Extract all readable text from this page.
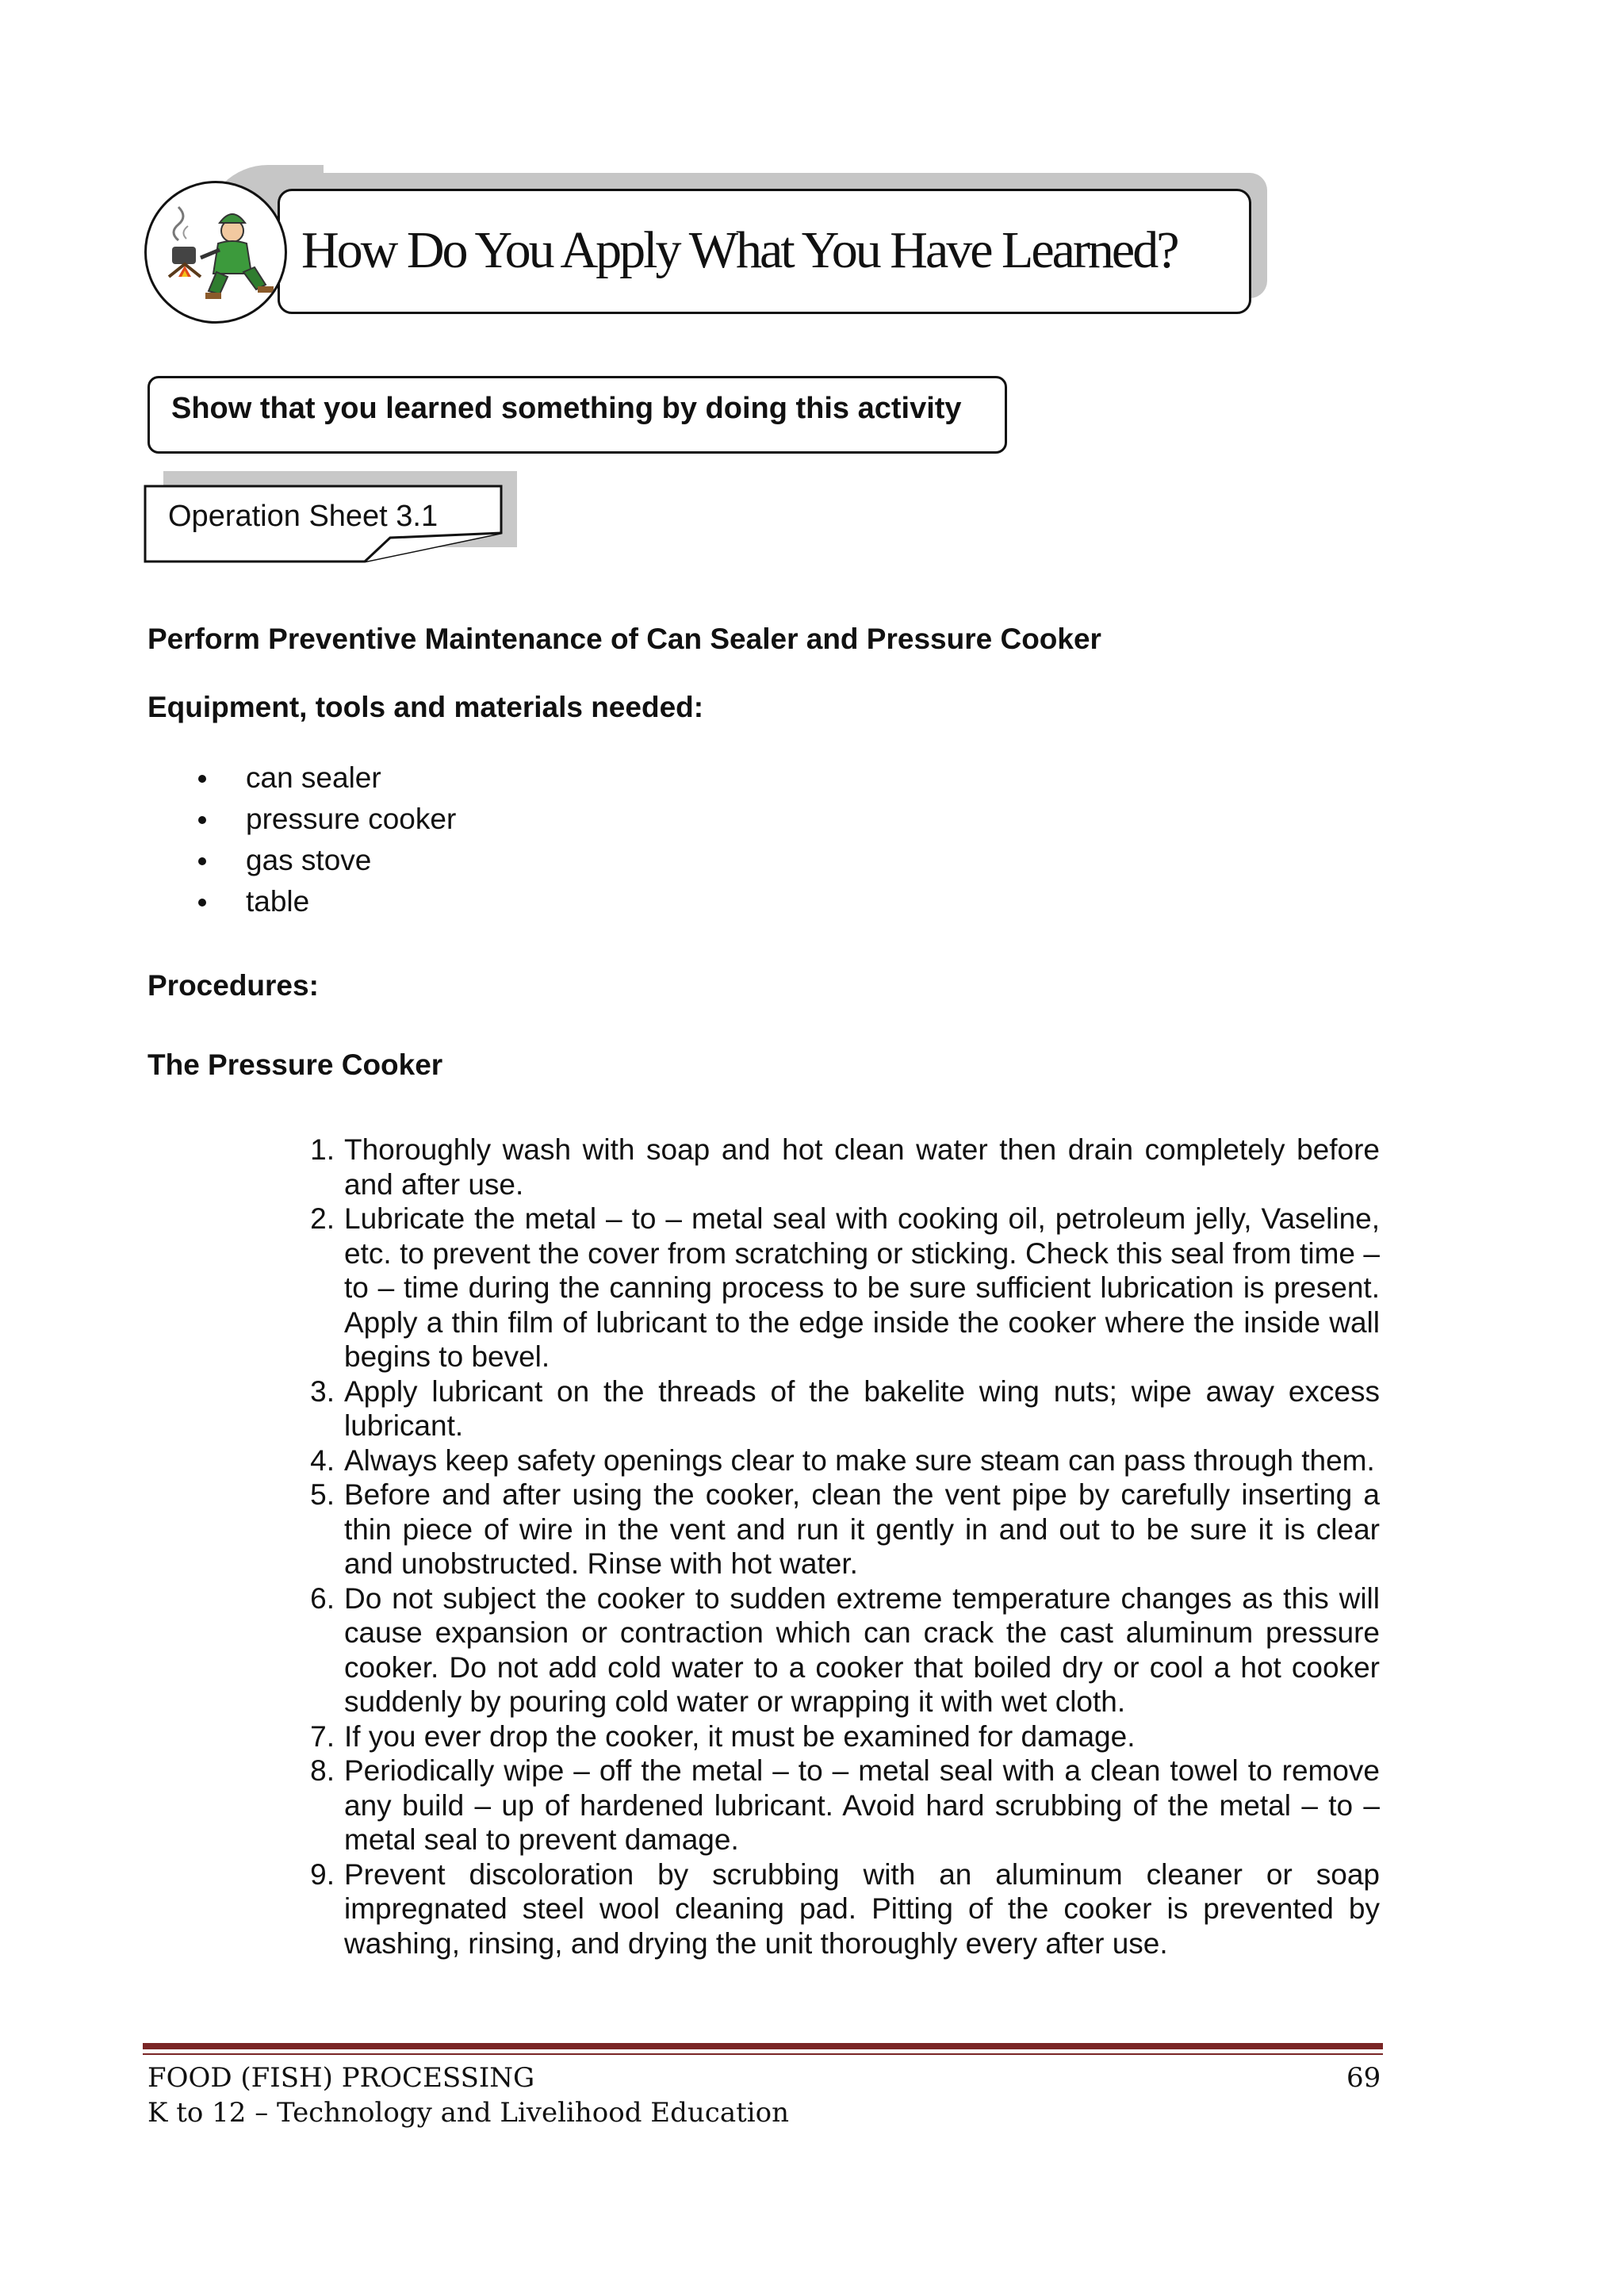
How Do You Apply What You Have Learned?
Show that you learned something by doing this activity
Operation Sheet 3.1
Perform Preventive Maintenance of Can Sealer and Pressure Cooker
Equipment, tools and materials needed:
can sealer
pressure cooker
gas stove
table
Procedures:
The Pressure Cooker
1. Thoroughly wash with soap and hot clean water then drain completely before and after use.
2. Lubricate the metal – to – metal seal with cooking oil, petroleum jelly, Vaseline, etc. to prevent the cover from scratching or sticking. Check this seal from time – to – time during the canning process to be sure sufficient lubrication is present. Apply a thin film of lubricant to the edge inside the cooker where the inside wall begins to bevel.
3. Apply lubricant on the threads of the bakelite wing nuts; wipe away excess lubricant.
4. Always keep safety openings clear to make sure steam can pass through them.
5. Before and after using the cooker, clean the vent pipe by carefully inserting a thin piece of wire in the vent and run it gently in and out to be sure it is clear and unobstructed. Rinse with hot water.
6. Do not subject the cooker to sudden extreme temperature changes as this will cause expansion or contraction which can crack the cast aluminum pressure cooker. Do not add cold water to a cooker that boiled dry or cool a hot cooker suddenly by pouring cold water or wrapping it with wet cloth.
7. If you ever drop the cooker, it must be examined for damage.
8. Periodically wipe – off the metal – to – metal seal with a clean towel to remove any build – up of hardened lubricant. Avoid hard scrubbing of the metal – to – metal seal to prevent damage.
9. Prevent discoloration by scrubbing with an aluminum cleaner or soap impregnated steel wool cleaning pad. Pitting of the cooker is prevented by washing, rinsing, and drying the unit thoroughly every after use.
FOOD (FISH) PROCESSING
K to 12 – Technology and Livelihood Education
69
